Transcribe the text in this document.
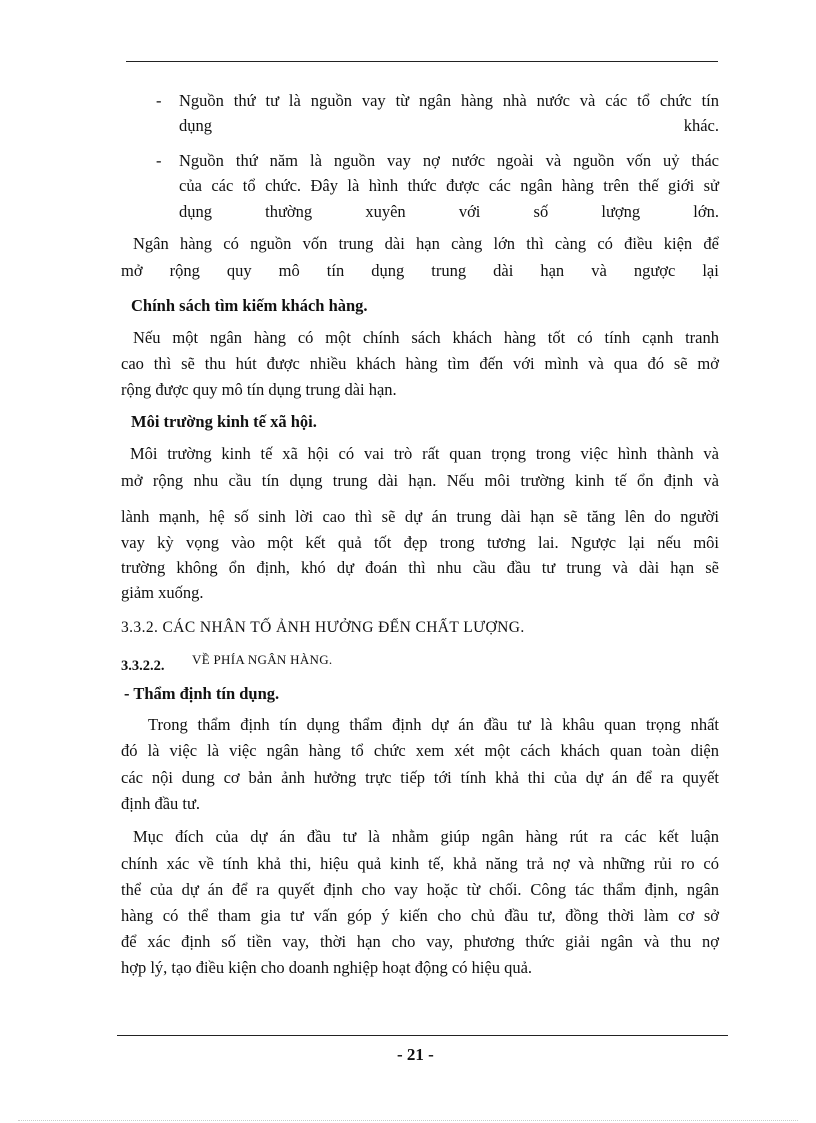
- Nguồn thứ tư là nguồn vay từ ngân hàng nhà nước và các tổ chức tín
dụng	khác.
- Nguồn thứ năm là nguồn vay nợ nước ngoài và nguồn vốn uỷ thác
của các tổ chức. Đây là hình thức được các ngân hàng trên thế giới sử
dụng	thường	xuyên	với	số	lượng	lớn.
Ngân hàng có nguồn vốn trung dài hạn càng lớn thì càng có điều kiện để
mở rộng quy mô tín dụng trung dài hạn và ngược lại
Chính sách tìm kiếm khách hàng.
Nếu một ngân hàng có một chính sách khách hàng tốt có tính cạnh tranh
cao thì sẽ thu hút được nhiều khách hàng tìm đến với mình và qua đó sẽ mở
rộng được quy mô tín dụng trung dài hạn.
Môi trường kinh tế xã hội.
Môi trường kinh tế xã hội có vai trò rất quan trọng trong việc hình thành và
mở rộng nhu cầu tín dụng trung dài hạn. Nếu môi trường kinh tế ổn định và
lành mạnh, hệ số sinh lời cao thì sẽ dự án trung dài hạn sẽ tăng lên do người
vay kỳ vọng vào một kết quả tốt đẹp trong tương lai. Ngược lại nếu môi
trường không ổn định, khó dự đoán thì nhu cầu đầu tư trung và dài hạn sẽ
giảm xuống.
3.3.2. CÁC NHÂN TỐ ẢNH HƯỞNG ĐẾN CHẤT LƯỢNG.
3.3.2.2. VỀ PHÍA NGÂN HÀNG.
- Thẩm định tín dụng.
Trong thẩm định tín dụng thẩm định dự án đầu tư là khâu quan trọng nhất
đó là việc là việc ngân hàng tổ chức xem xét một cách khách quan toàn diện
các nội dung cơ bản ảnh hưởng trực tiếp tới tính khả thi của dự án để ra quyết
định đầu tư.
Mục đích của dự án đầu tư là nhằm giúp ngân hàng rút ra các kết luận
chính xác về tính khả thi, hiệu quả kinh tế, khả năng trả nợ và những rủi ro có
thể của dự án để ra quyết định cho vay hoặc từ chối. Công tác thẩm định, ngân
hàng có thể tham gia tư vấn góp ý kiến cho chủ đầu tư, đồng thời làm cơ sở
để xác định số tiền vay, thời hạn cho vay, phương thức giải ngân và thu nợ
hợp lý, tạo điều kiện cho doanh nghiệp hoạt động có hiệu quả.
- 21 -
